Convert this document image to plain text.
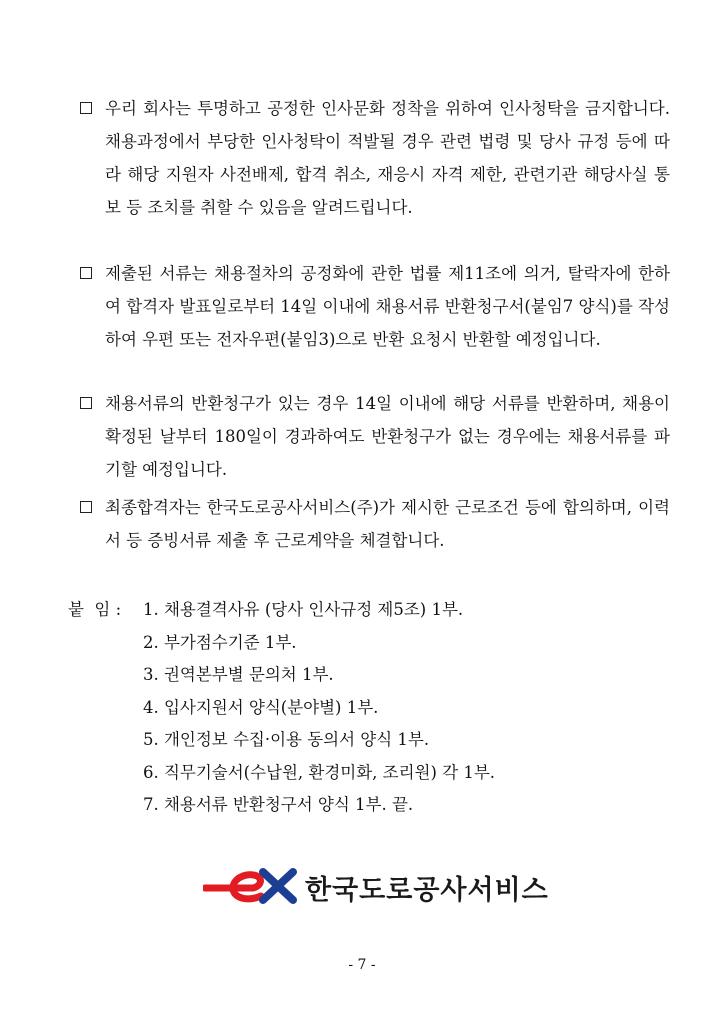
우리 회사는 투명하고 공정한 인사문화 정착을 위하여 인사청탁을 금지합니다. 채용과정에서 부당한 인사청탁이 적발될 경우 관련 법령 및 당사 규정 등에 따라 해당 지원자 사전배제, 합격 취소, 재응시 자격 제한, 관련기관 해당사실 통보 등 조치를 취할 수 있음을 알려드립니다.
제출된 서류는 채용절차의 공정화에 관한 법률 제11조에 의거, 탈락자에 한하여 합격자 발표일로부터 14일 이내에 채용서류 반환청구서(붙임7 양식)를 작성하여 우편 또는 전자우편(붙임3)으로 반환 요청시 반환할 예정입니다.
채용서류의 반환청구가 있는 경우 14일 이내에 해당 서류를 반환하며, 채용이 확정된 날부터 180일이 경과하여도 반환청구가 없는 경우에는 채용서류를 파기할 예정입니다.
최종합격자는 한국도로공사서비스(주)가 제시한 근로조건 등에 합의하며, 이력서 등 증빙서류 제출 후 근로계약을 체결합니다.
붙  임 : 1. 채용결격사유 (당사 인사규정 제5조) 1부.
2. 부가점수기준 1부.
3. 권역본부별 문의처 1부.
4. 입사지원서 양식(분야별) 1부.
5. 개인정보 수집·이용 동의서 양식 1부.
6. 직무기술서(수납원, 환경미화, 조리원) 각 1부.
7. 채용서류 반환청구서 양식 1부. 끝.
한국도로공사서비스
- 7 -
